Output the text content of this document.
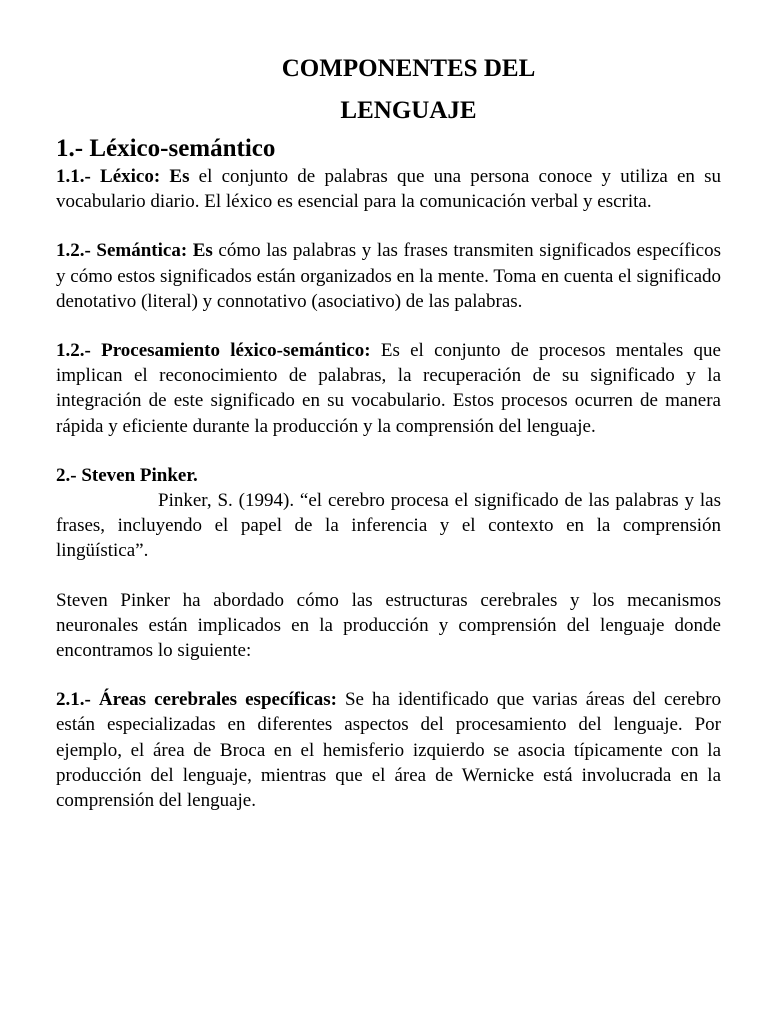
COMPONENTES DEL
LENGUAJE
1.- Léxico-semántico

1.1.- Léxico: Es el conjunto de palabras que una persona conoce y utiliza en su vocabulario diario. El léxico es esencial para la comunicación verbal y escrita.

1.2.- Semántica: Es cómo las palabras y las frases transmiten significados específicos y cómo estos significados están organizados en la mente. Toma en cuenta el significado denotativo (literal) y connotativo (asociativo) de las palabras.

1.2.- Procesamiento léxico-semántico: Es el conjunto de procesos mentales que implican el reconocimiento de palabras, la recuperación de su significado y la integración de este significado en su vocabulario. Estos procesos ocurren de manera rápida y eficiente durante la producción y la comprensión del lenguaje.

2.- Steven Pinker.

Pinker, S. (1994). “el cerebro procesa el significado de las palabras y las frases, incluyendo el papel de la inferencia y el contexto en la comprensión lingüística”.

Steven Pinker ha abordado cómo las estructuras cerebrales y los mecanismos neuronales están implicados en la producción y comprensión del lenguaje donde encontramos lo siguiente:

2.1.- Áreas cerebrales específicas: Se ha identificado que varias áreas del cerebro están especializadas en diferentes aspectos del procesamiento del lenguaje. Por ejemplo, el área de Broca en el hemisferio izquierdo se asocia típicamente con la producción del lenguaje, mientras que el área de Wernicke está involucrada en la comprensión del lenguaje.
